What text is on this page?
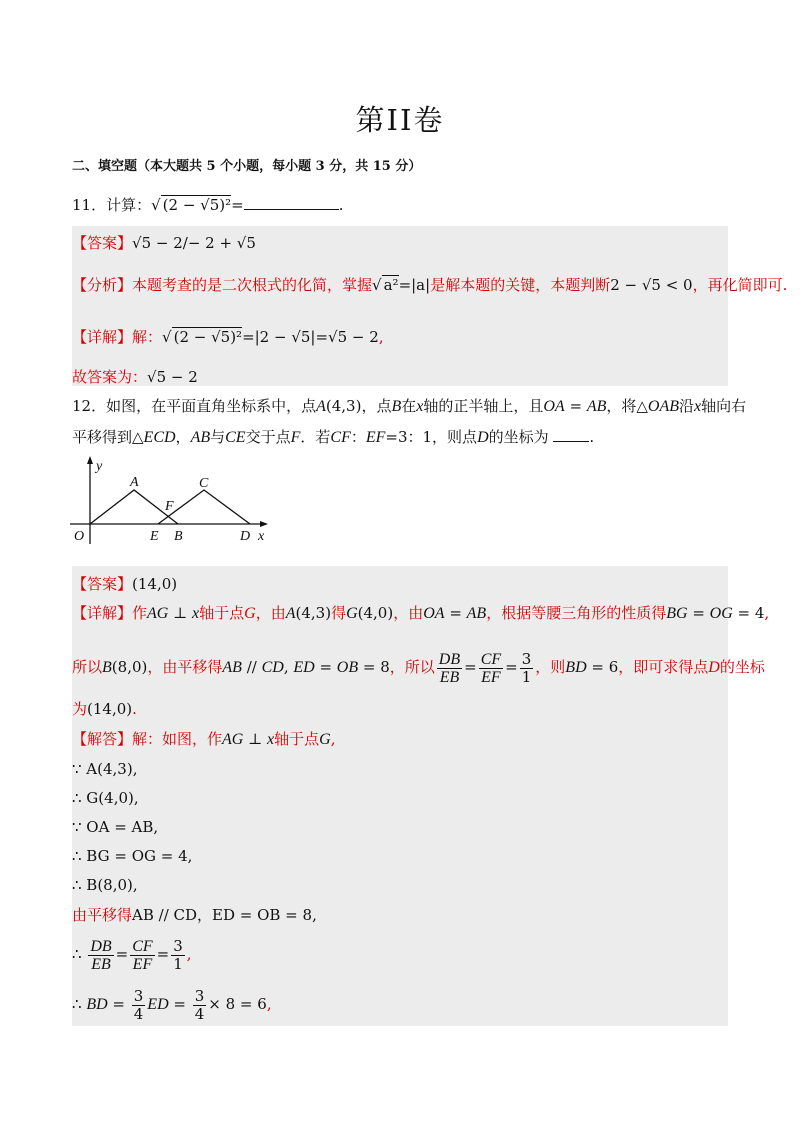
第II卷
二、填空题（本大题共 5 个小题，每小题 3 分，共 15 分）
11．计算：√ (2 − √5)²=	.
【答案】√5 − 2/− 2 + √5
【分析】本题考查的是二次根式的化简，掌握√ a²=|a|是解本题的关键，本题判断2 − √5 < 0，再化简即可.
【详解】解：√ (2 − √5)²=|2 − √5|=√5 − 2,
故答案为：√5 − 2
12．如图，在平面直角坐标系中，点A(4,3)，点B在x轴的正半轴上，且OA = AB，将△OAB沿x轴向右
平移得到△ECD，AB与CE交于点F．若CF：EF=3：1，则点D的坐标为	.
y
A	C
F
O	E B	D x
【答案】(14,0)
【详解】作AG ⊥ x轴于点G，由A(4,3)得G(4,0)，由OA = AB，根据等腰三角形的性质得BG = OG = 4,
所以B(8,0)，由平移得AB // CD, ED = OB = 8，所以 $\frac{DB}{EB} = \frac{CF}{EF} = \frac{3}{1}$ ，则BD = 6，即可求得点D的坐标
为(14,0).
【解答】解：如图，作AG ⊥ x轴于点G,
∵ A(4,3),
∴ G(4,0),
∵ OA = AB,
∴ BG = OG = 4,
∴ B(8,0),
由平移得AB // CD，ED = OB = 8,
∴ $\frac{DB}{EB} = \frac{CF}{EF} = \frac{3}{1}$ ,
∴ BD = $\frac{3}{4}$ ED = $\frac{3}{4} \times 8 = 6$,
